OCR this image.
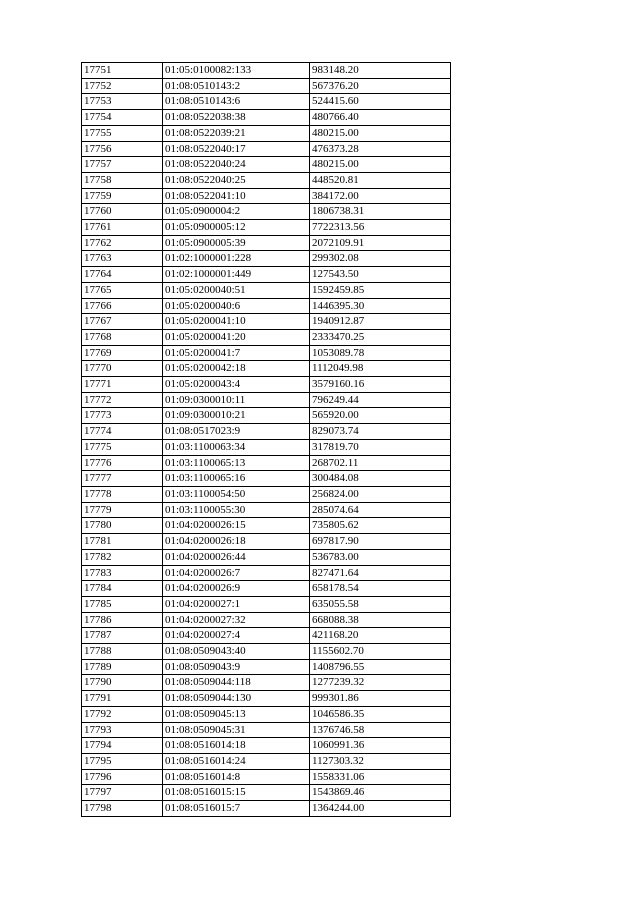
17751	01:05:0100082:133	983148.20
17752	01:08:0510143:2	567376.20
17753	01:08:0510143:6	524415.60
17754	01:08:0522038:38	480766.40
17755	01:08:0522039:21	480215.00
17756	01:08:0522040:17	476373.28
17757	01:08:0522040:24	480215.00
17758	01:08:0522040:25	448520.81
17759	01:08:0522041:10	384172.00
17760	01:05:0900004:2	1806738.31
17761	01:05:0900005:12	7722313.56
17762	01:05:0900005:39	2072109.91
17763	01:02:1000001:228	299302.08
17764	01:02:1000001:449	127543.50
17765	01:05:0200040:51	1592459.85
17766	01:05:0200040:6	1446395.30
17767	01:05:0200041:10	1940912.87
17768	01:05:0200041:20	2333470.25
17769	01:05:0200041:7	1053089.78
17770	01:05:0200042:18	1112049.98
17771	01:05:0200043:4	3579160.16
17772	01:09:0300010:11	796249.44
17773	01:09:0300010:21	565920.00
17774	01:08:0517023:9	829073.74
17775	01:03:1100063:34	317819.70
17776	01:03:1100065:13	268702.11
17777	01:03:1100065:16	300484.08
17778	01:03:1100054:50	256824.00
17779	01:03:1100055:30	285074.64
17780	01:04:0200026:15	735805.62
17781	01:04:0200026:18	697817.90
17782	01:04:0200026:44	536783.00
17783	01:04:0200026:7	827471.64
17784	01:04:0200026:9	658178.54
17785	01:04:0200027:1	635055.58
17786	01:04:0200027:32	668088.38
17787	01:04:0200027:4	421168.20
17788	01:08:0509043:40	1155602.70
17789	01:08:0509043:9	1408796.55
17790	01:08:0509044:118	1277239.32
17791	01:08:0509044:130	999301.86
17792	01:08:0509045:13	1046586.35
17793	01:08:0509045:31	1376746.58
17794	01:08:0516014:18	1060991.36
17795	01:08:0516014:24	1127303.32
17796	01:08:0516014:8	1558331.06
17797	01:08:0516015:15	1543869.46
17798	01:08:0516015:7	1364244.00
